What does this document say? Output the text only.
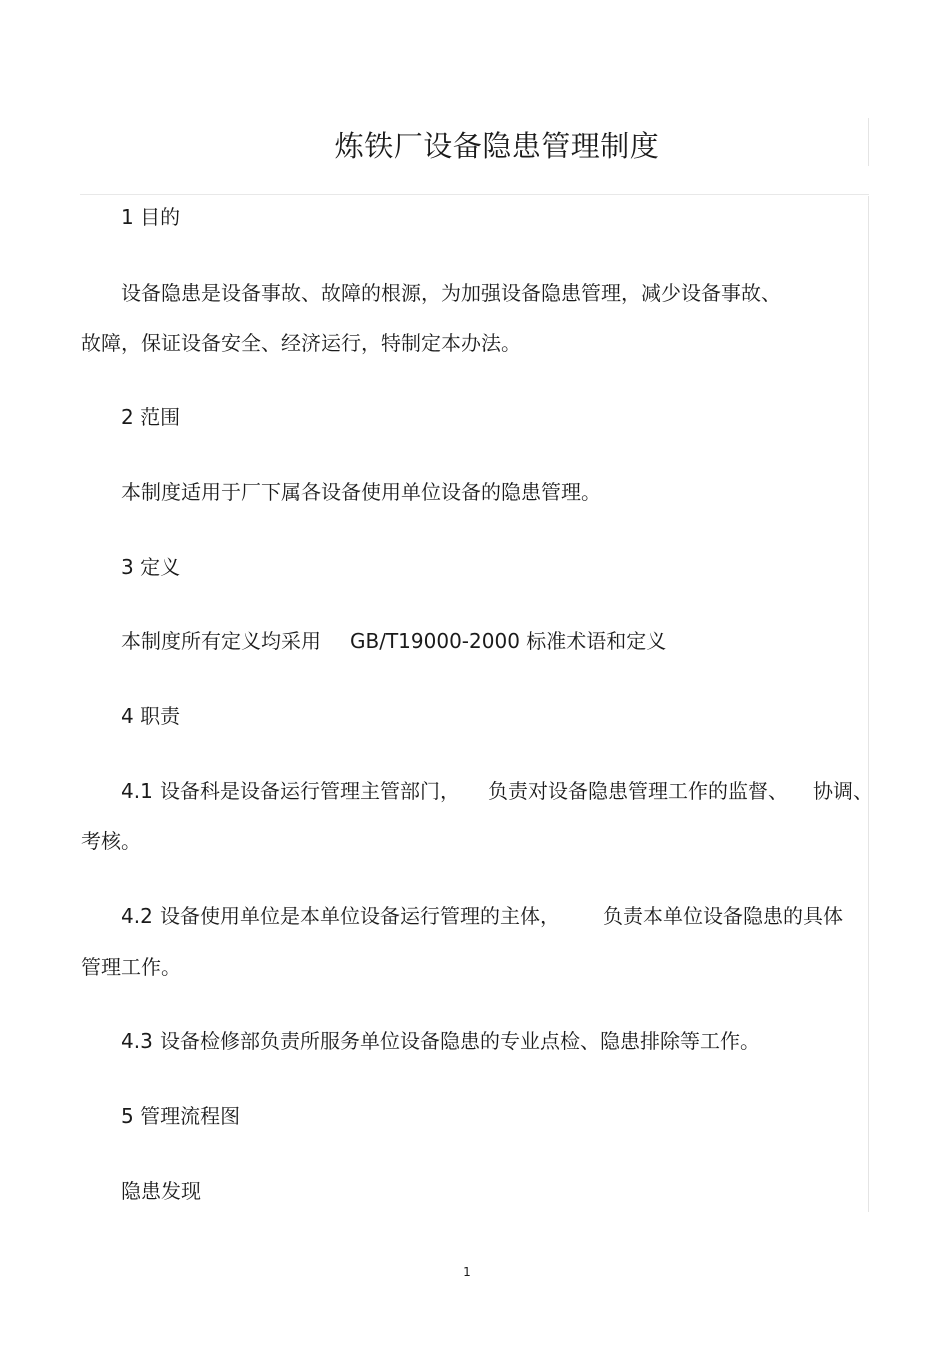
炼铁厂设备隐患管理制度
1 目的
设备隐患是设备事故、故障的根源，为加强设备隐患管理，减少设备事故、
故障，保证设备安全、经济运行，特制定本办法。
2 范围
本制度适用于厂下属各设备使用单位设备的隐患管理。
3 定义
本制度所有定义均采用 GB/T19000-2000 标准术语和定义
4 职责
4.1 设备科是设备运行管理主管部门， 负责对设备隐患管理工作的监督、 协调、
考核。
4.2 设备使用单位是本单位设备运行管理的主体， 负责本单位设备隐患的具体
管理工作。
4.3 设备检修部负责所服务单位设备隐患的专业点检、隐患排除等工作。
5 管理流程图
隐患发现
1
